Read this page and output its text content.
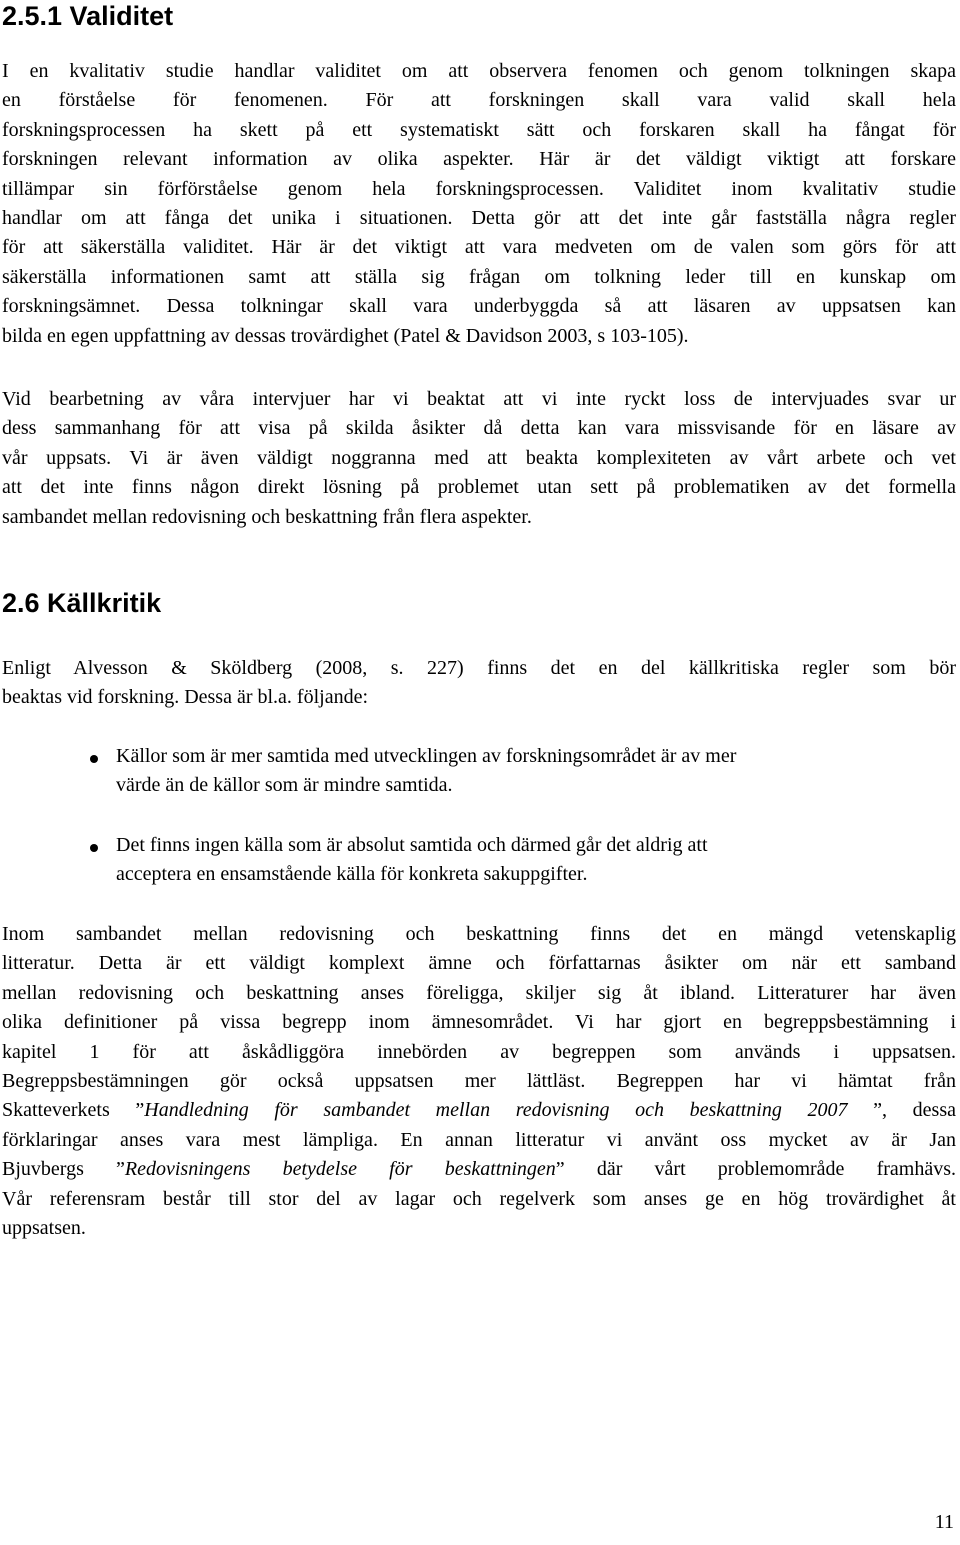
2.5.1 Validitet

I en kvalitativ studie handlar validitet om att observera fenomen och genom tolkningen skapa
en förståelse för fenomenen. För att forskningen skall vara valid skall hela
forskningsprocessen ha skett på ett systematiskt sätt och forskaren skall ha fångat för
forskningen relevant information av olika aspekter. Här är det väldigt viktigt att forskare
tillämpar sin förförståelse genom hela forskningsprocessen. Validitet inom kvalitativ studie
handlar om att fånga det unika i situationen. Detta gör att det inte går fastställa några regler
för att säkerställa validitet. Här är det viktigt att vara medveten om de valen som görs för att
säkerställa informationen samt att ställa sig frågan om tolkning leder till en kunskap om
forskningsämnet. Dessa tolkningar skall vara underbyggda så att läsaren av uppsatsen kan
bilda en egen uppfattning av dessas trovärdighet (Patel & Davidson 2003, s 103-105).

Vid bearbetning av våra intervjuer har vi beaktat att vi inte ryckt loss de intervjuades svar ur
dess sammanhang för att visa på skilda åsikter då detta kan vara missvisande för en läsare av
vår uppsats. Vi är även väldigt noggranna med att beakta komplexiteten av vårt arbete och vet
att det inte finns någon direkt lösning på problemet utan sett på problematiken av det formella
sambandet mellan redovisning och beskattning från flera aspekter.

2.6 Källkritik

Enligt Alvesson & Sköldberg (2008, s. 227) finns det en del källkritiska regler som bör
beaktas vid forskning. Dessa är bl.a. följande:

Källor som är mer samtida med utvecklingen av forskningsområdet är av mer
värde än de källor som är mindre samtida.
Det finns ingen källa som är absolut samtida och därmed går det aldrig att
acceptera en ensamstående källa för konkreta sakuppgifter.

Inom sambandet mellan redovisning och beskattning finns det en mängd vetenskaplig
litteratur. Detta är ett väldigt komplext ämne och författarnas åsikter om när ett samband
mellan redovisning och beskattning anses föreligga, skiljer sig åt ibland. Litteraturer har även
olika definitioner på vissa begrepp inom ämnesområdet. Vi har gjort en begreppsbestämning i
kapitel 1 för att åskådliggöra innebörden av begreppen som används i uppsatsen.
Begreppsbestämningen gör också uppsatsen mer lättläst. Begreppen har vi hämtat från
Skatteverkets ”Handledning för sambandet mellan redovisning och beskattning 2007 ”, dessa
förklaringar anses vara mest lämpliga. En annan litteratur vi använt oss mycket av är Jan
Bjuvbergs ”Redovisningens betydelse för beskattningen” där vårt problemområde framhävs.
Vår referensram består till stor del av lagar och regelverk som anses ge en hög trovärdighet åt
uppsatsen.

11
